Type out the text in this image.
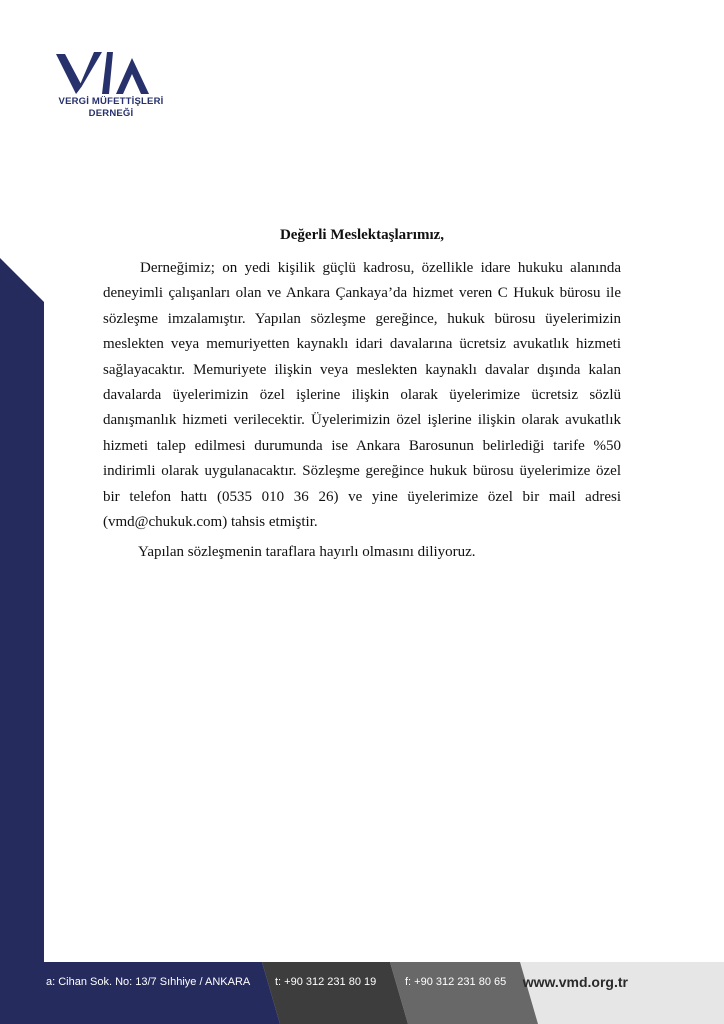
VERGİ MÜFETTİŞLERİ
DERNEĞİ
Değerli Meslektaşlarımız,

Derneğimiz; on yedi kişilik güçlü kadrosu, özellikle idare hukuku alanında deneyimli çalışanları olan ve Ankara Çankaya’da hizmet veren C Hukuk bürosu ile sözleşme imzalamıştır. Yapılan sözleşme gereğince, hukuk bürosu üyelerimizin meslekten veya memuriyetten kaynaklı idari davalarına ücretsiz avukatlık hizmeti sağlayacaktır. Memuriyete ilişkin veya meslekten kaynaklı davalar dışında kalan davalarda üyelerimizin özel işlerine ilişkin olarak üyelerimize ücretsiz sözlü danışmanlık hizmeti verilecektir. Üyelerimizin özel işlerine ilişkin olarak avukatlık hizmeti talep edilmesi durumunda ise Ankara Barosunun belirlediği tarife %50 indirimli olarak uygulanacaktır. Sözleşme gereğince hukuk bürosu üyelerimize özel bir telefon hattı (0535 010 36 26) ve yine üyelerimize özel bir mail adresi (vmd@chukuk.com) tahsis etmiştir.

Yapılan sözleşmenin taraflara hayırlı olmasını diliyoruz.
a: Cihan Sok. No: 13/7 Sıhhiye / ANKARA t: +90 312 231 80 19	f: +90 312 231 80 65 www.vmd.org.tr
